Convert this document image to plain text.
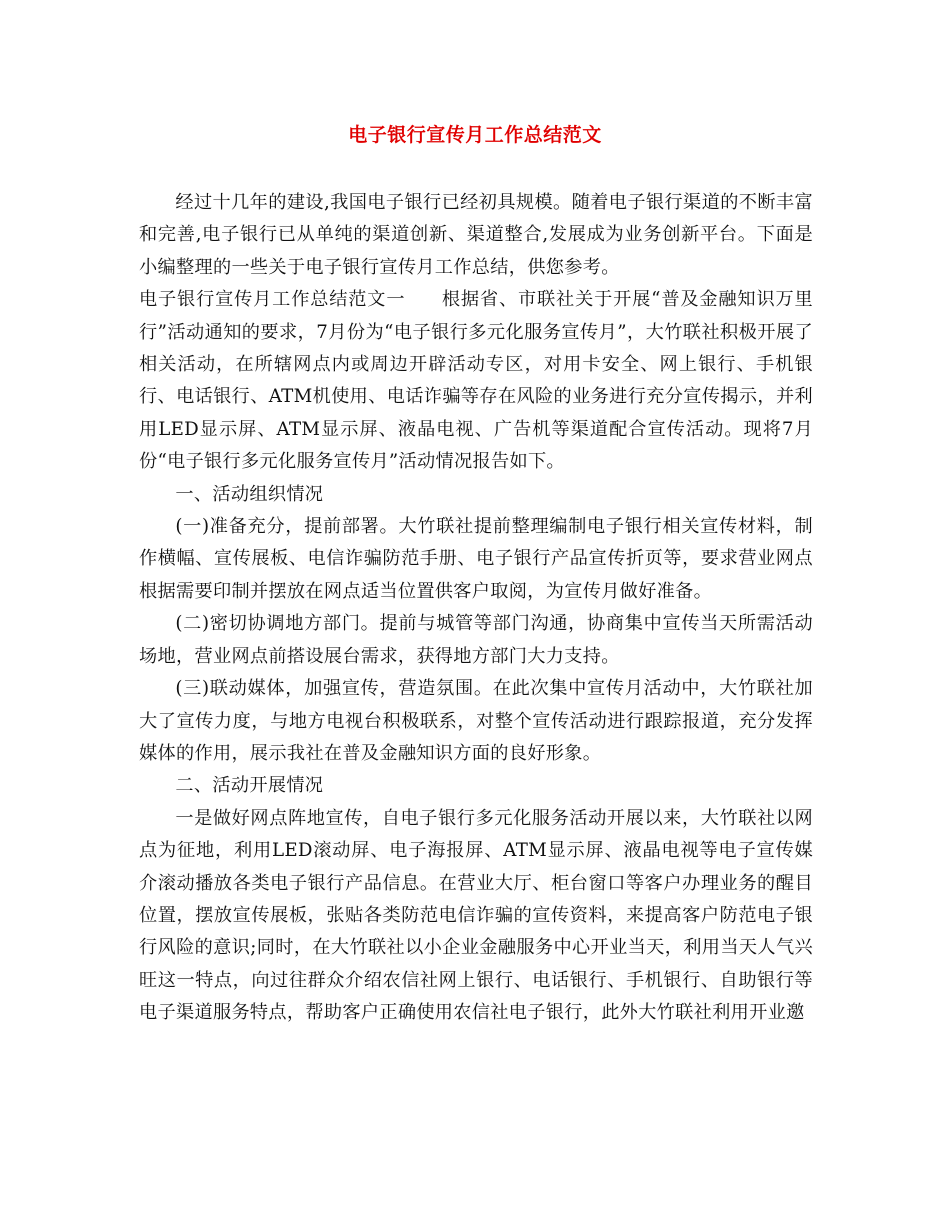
电子银行宣传月工作总结范文

经过十几年的建设,我国电子银行已经初具规模。随着电子银行渠道的不断丰富和完善,电子银行已从单纯的渠道创新、渠道整合,发展成为业务创新平台。下面是小编整理的一些关于电子银行宣传月工作总结，供您参考。

电子银行宣传月工作总结范文一 根据省、市联社关于开展“普及金融知识万里行”活动通知的要求，7月份为“电子银行多元化服务宣传月”，大竹联社积极开展了相关活动，在所辖网点内或周边开辟活动专区，对用卡安全、网上银行、手机银行、电话银行、ATM机使用、电话诈骗等存在风险的业务进行充分宣传揭示，并利用LED显示屏、ATM显示屏、液晶电视、广告机等渠道配合宣传活动。现将7月份“电子银行多元化服务宣传月”活动情况报告如下。

一、活动组织情况

(一)准备充分，提前部署。大竹联社提前整理编制电子银行相关宣传材料，制作横幅、宣传展板、电信诈骗防范手册、电子银行产品宣传折页等，要求营业网点根据需要印制并摆放在网点适当位置供客户取阅，为宣传月做好准备。

(二)密切协调地方部门。提前与城管等部门沟通，协商集中宣传当天所需活动场地，营业网点前搭设展台需求，获得地方部门大力支持。

(三)联动媒体，加强宣传，营造氛围。在此次集中宣传月活动中，大竹联社加大了宣传力度，与地方电视台积极联系，对整个宣传活动进行跟踪报道，充分发挥媒体的作用，展示我社在普及金融知识方面的良好形象。

二、活动开展情况

一是做好网点阵地宣传，自电子银行多元化服务活动开展以来，大竹联社以网点为征地，利用LED滚动屏、电子海报屏、ATM显示屏、液晶电视等电子宣传媒介滚动播放各类电子银行产品信息。在营业大厅、柜台窗口等客户办理业务的醒目位置，摆放宣传展板，张贴各类防范电信诈骗的宣传资料，来提高客户防范电子银行风险的意识;同时，在大竹联社以小企业金融服务中心开业当天，利用当天人气兴旺这一特点，向过往群众介绍农信社网上银行、电话银行、手机银行、自助银行等电子渠道服务特点，帮助客户正确使用农信社电子银行，此外大竹联社利用开业邀
